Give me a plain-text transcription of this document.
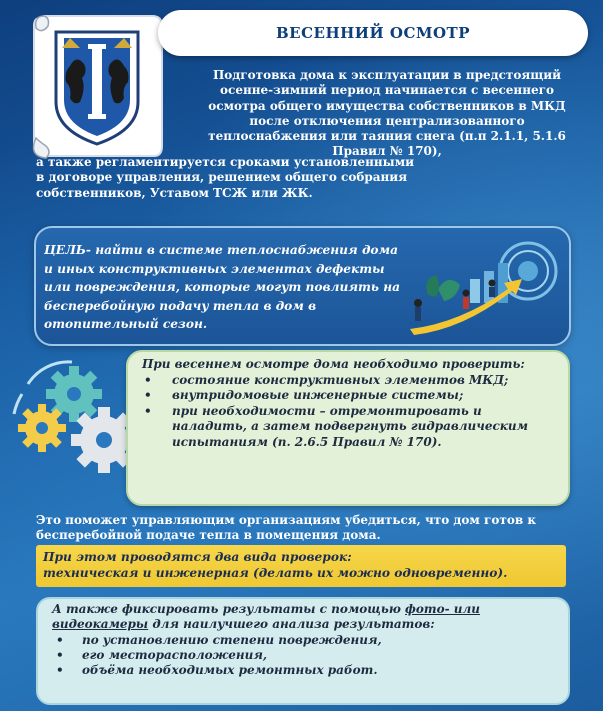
ВЕСЕННИЙ ОСМОТР
Подготовка дома к эксплуатации в предстоящий осенне-зимний период начинается с весеннего осмотра общего имущества собственников в МКД после отключения централизованного теплоснабжения или таяния снега (п.п 2.1.1, 5.1.6 Правил № 170),
а также регламентируется сроками установленными в договоре управления, решением общего собрания собственников, Уставом ТСЖ или ЖК.
ЦЕЛЬ- найти в системе теплоснабжения дома и иных конструктивных элементах дефекты или повреждения, которые могут повлиять на бесперебойную подачу тепла в дом в отопительный сезон.
При весеннем осмотре дома необходимо проверить:
• состояние конструктивных элементов МКД;
• внутридомовые инженерные системы;
• при необходимости – отремонтировать и наладить, а затем подвергнуть гидравлическим испытаниям (п. 2.6.5 Правил № 170).
Это поможет управляющим организациям убедиться, что дом готов к бесперебойной подаче тепла в помещения дома.
При этом проводятся два вида проверок:
техническая и инженерная (делать их можно одновременно).
А также фиксировать результаты с помощью фото- или видеокамеры для наилучшего анализа результатов:
• по установлению степени повреждения,
• его месторасположения,
• объёма необходимых ремонтных работ.
